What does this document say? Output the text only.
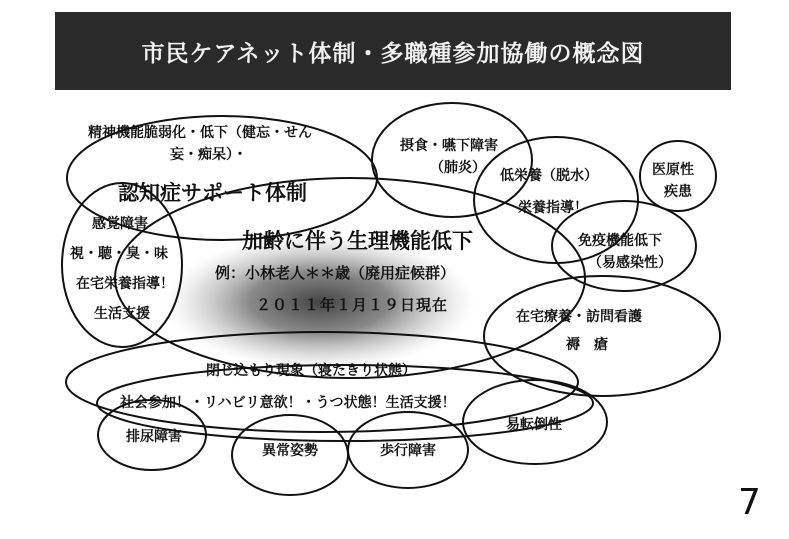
市民ケアネット体制・多職種参加協働の概念図
精神機能脆弱化・低下（健忘・せん
妄・痴呆）・
認知症サポート体制
摂食・嚥下障害
（肺炎） 低栄養（脱水）
栄養指導！
医原性
疾患
感覚障害
視・聴・臭・味
在宅栄養指導！
生活支援
加齢に伴う生理機能低下
例：小林老人＊＊歳（廃用症候群）
２０１１年１月１９日現在
免疫機能低下
（易感染性）
在宅療養・訪問看護
褥　瘡
閉じ込もり現象（寝たきり状態）
社会参加！・リハビリ意欲！・うつ状態！生活支援！
易転倒性
排尿障害
異常姿勢	歩行障害
7
